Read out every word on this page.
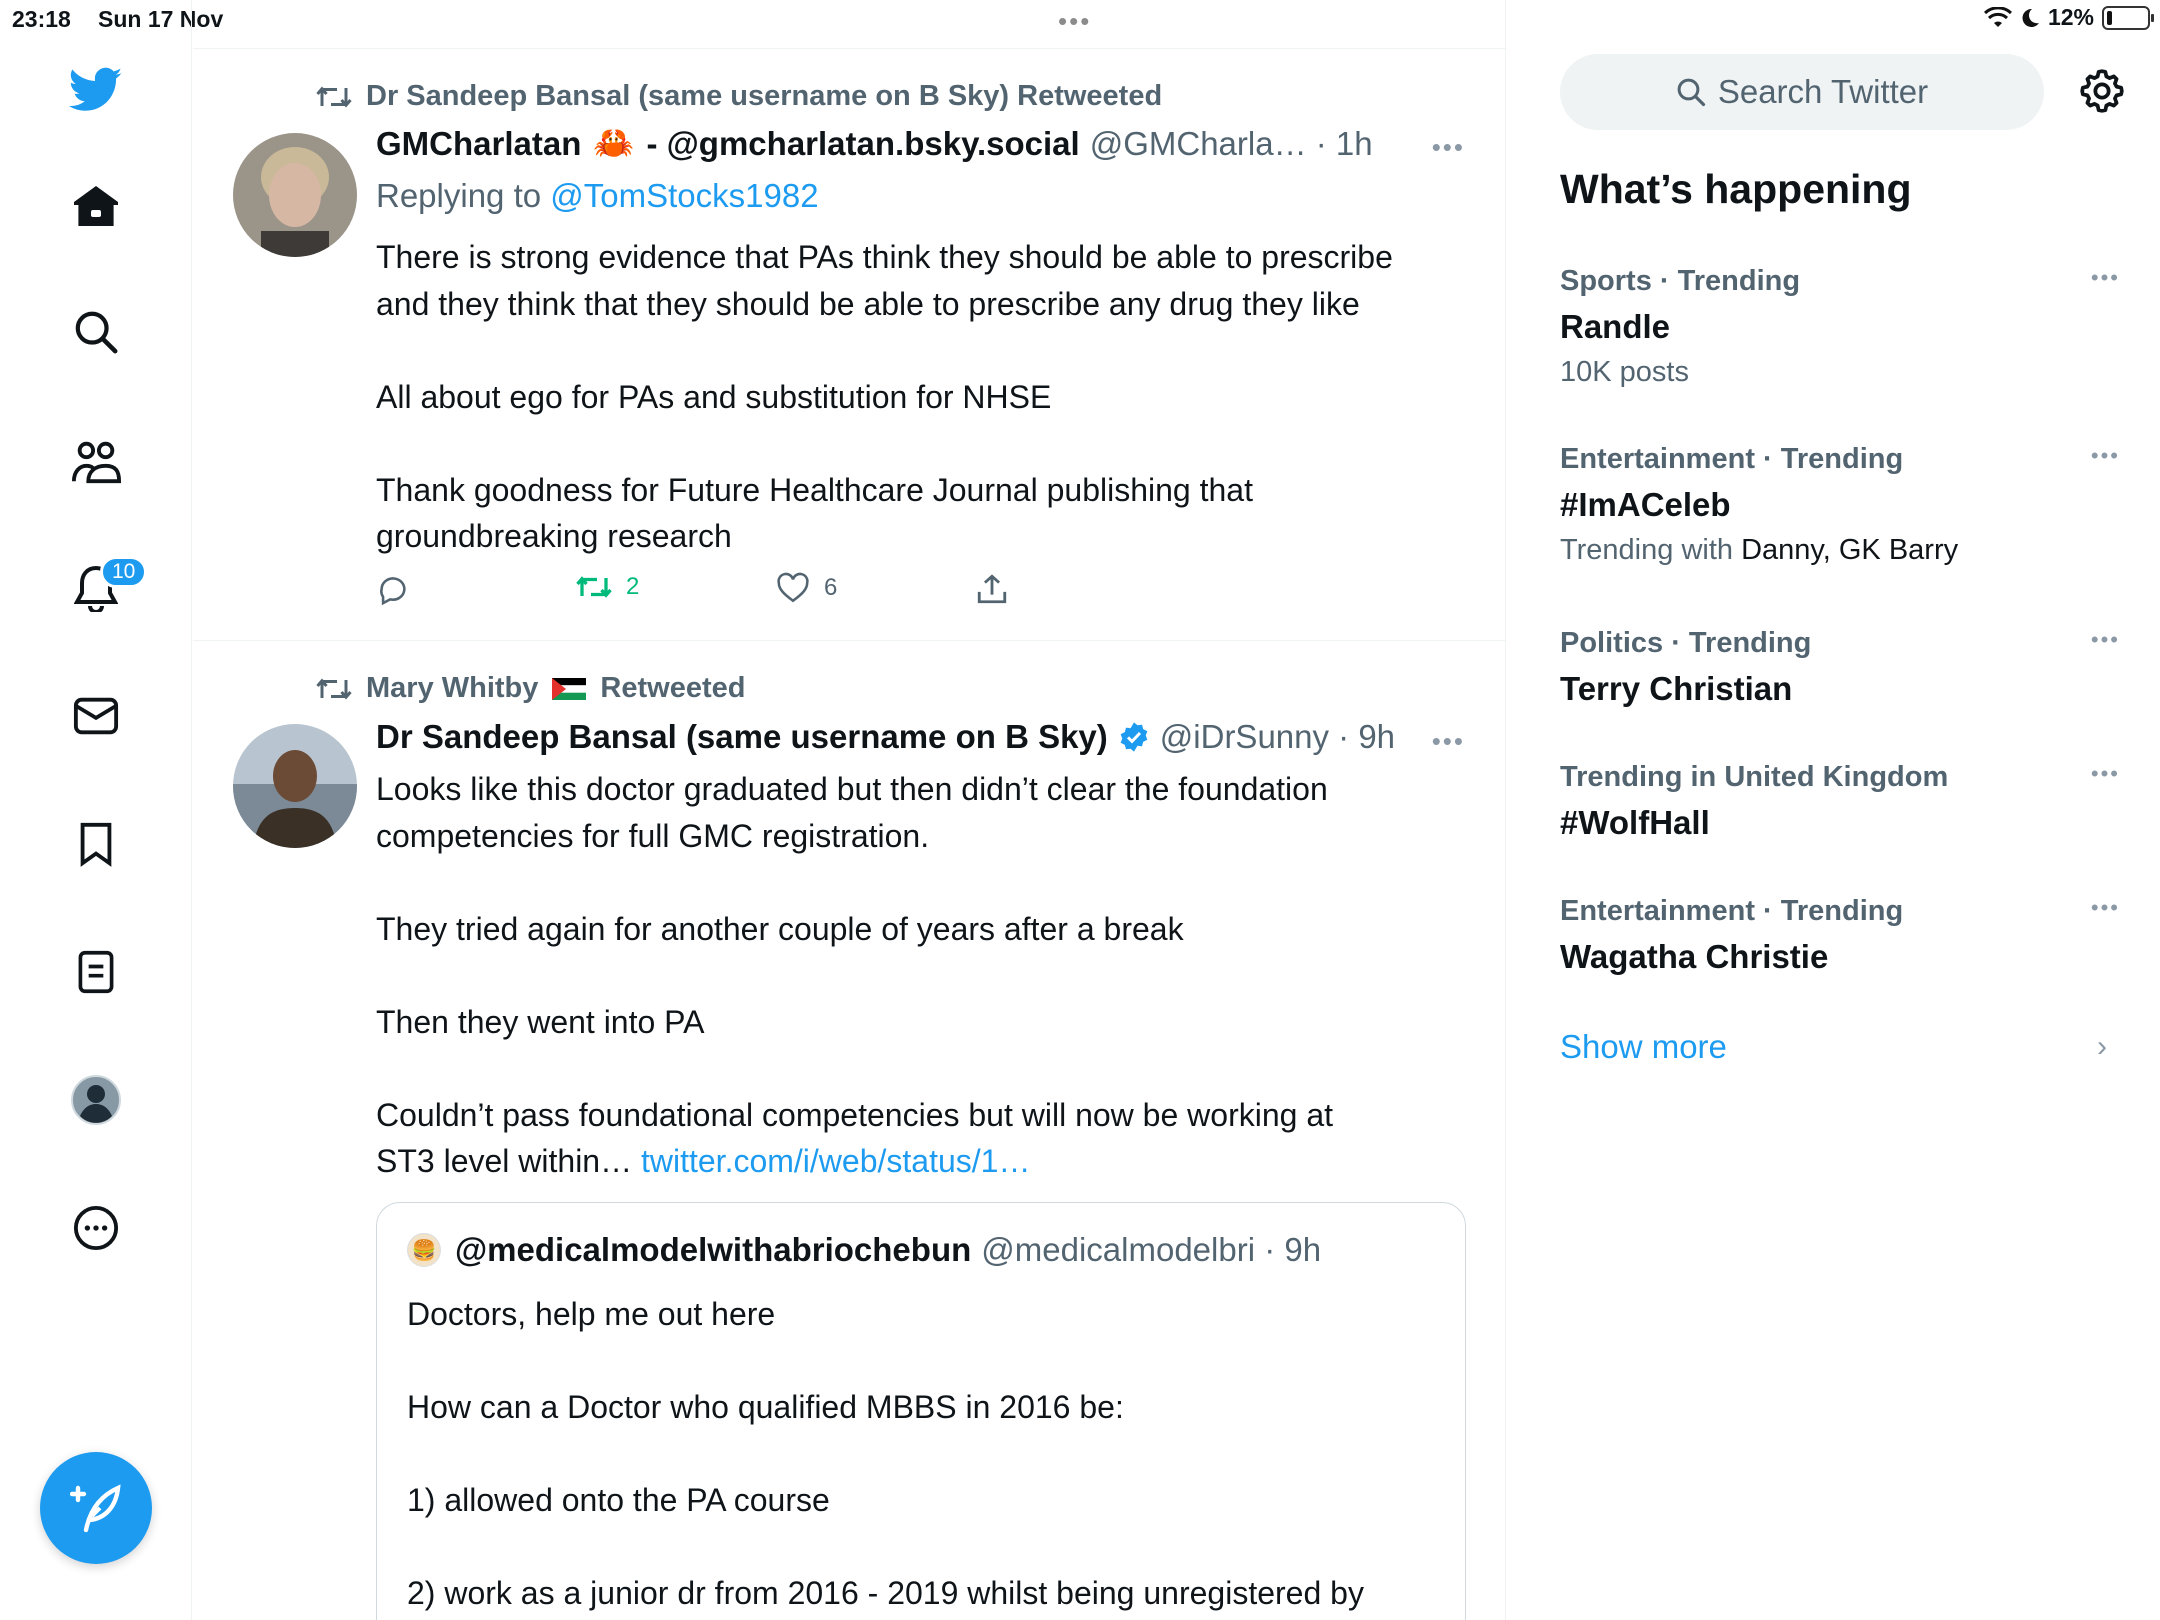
23:18 Sun 17 Nov	•••	12%
10
Dr Sandeep Bansal (same username on B Sky) Retweeted
GMCharlatan 🦀 - @gmcharlatan.bsky.social @GMCharla… · 1h •••
Replying to @TomStocks1982
There is strong evidence that PAs think they should be able to prescribe
and they think that they should be able to prescribe any drug they like

All about ego for PAs and substitution for NHSE

Thank goodness for Future Healthcare Journal publishing that
groundbreaking research
2	6
Mary Whitby Retweeted
Dr Sandeep Bansal (same username on B Sky) @iDrSunny · 9h •••
Looks like this doctor graduated but then didn’t clear the foundation
competencies for full GMC registration.

They tried again for another couple of years after a break

Then they went into PA

Couldn’t pass foundational competencies but will now be working at
ST3 level within… twitter.com/i/web/status/1…
🍔 @medicalmodelwithabriochebun @medicalmodelbri · 9h
Doctors, help me out here

How can a Doctor who qualified MBBS in 2016 be:

1) allowed onto the PA course

2) work as a junior dr from 2016 - 2019 whilst being unregistered by
Search Twitter
What’s happening
Sports · Trending
Randle
10K posts
•••
Entertainment · Trending
#ImACeleb
Trending with Danny, GK Barry
•••
Politics · Trending
Terry Christian
•••
Trending in United Kingdom
#WolfHall
•••
Entertainment · Trending
Wagatha Christie
•••
Show more	›
